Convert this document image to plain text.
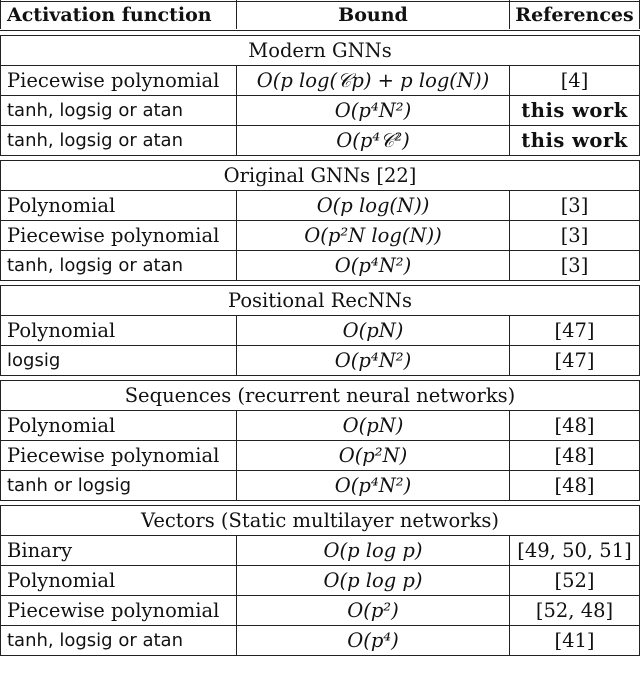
Activation function	Bound	References
Modern GNNs
Piecewise polynomial	O(p log(𝒞p) + p log(N))	[4]
tanh, logsig or atan	O(p⁴N²)	this work
tanh, logsig or atan	O(p⁴𝒞²)	this work
Original GNNs [22]
Polynomial	O(p log(N))	[3]
Piecewise polynomial	O(p²N log(N))	[3]
tanh, logsig or atan	O(p⁴N²)	[3]
Positional RecNNs
Polynomial	O(pN)	[47]
logsig	O(p⁴N²)	[47]
Sequences (recurrent neural networks)
Polynomial	O(pN)	[48]
Piecewise polynomial	O(p²N)	[48]
tanh or logsig	O(p⁴N²)	[48]
Vectors (Static multilayer networks)
Binary	O(p log p)	[49, 50, 51]
Polynomial	O(p log p)	[52]
Piecewise polynomial	O(p²)	[52, 48]
tanh, logsig or atan	O(p⁴)	[41]
